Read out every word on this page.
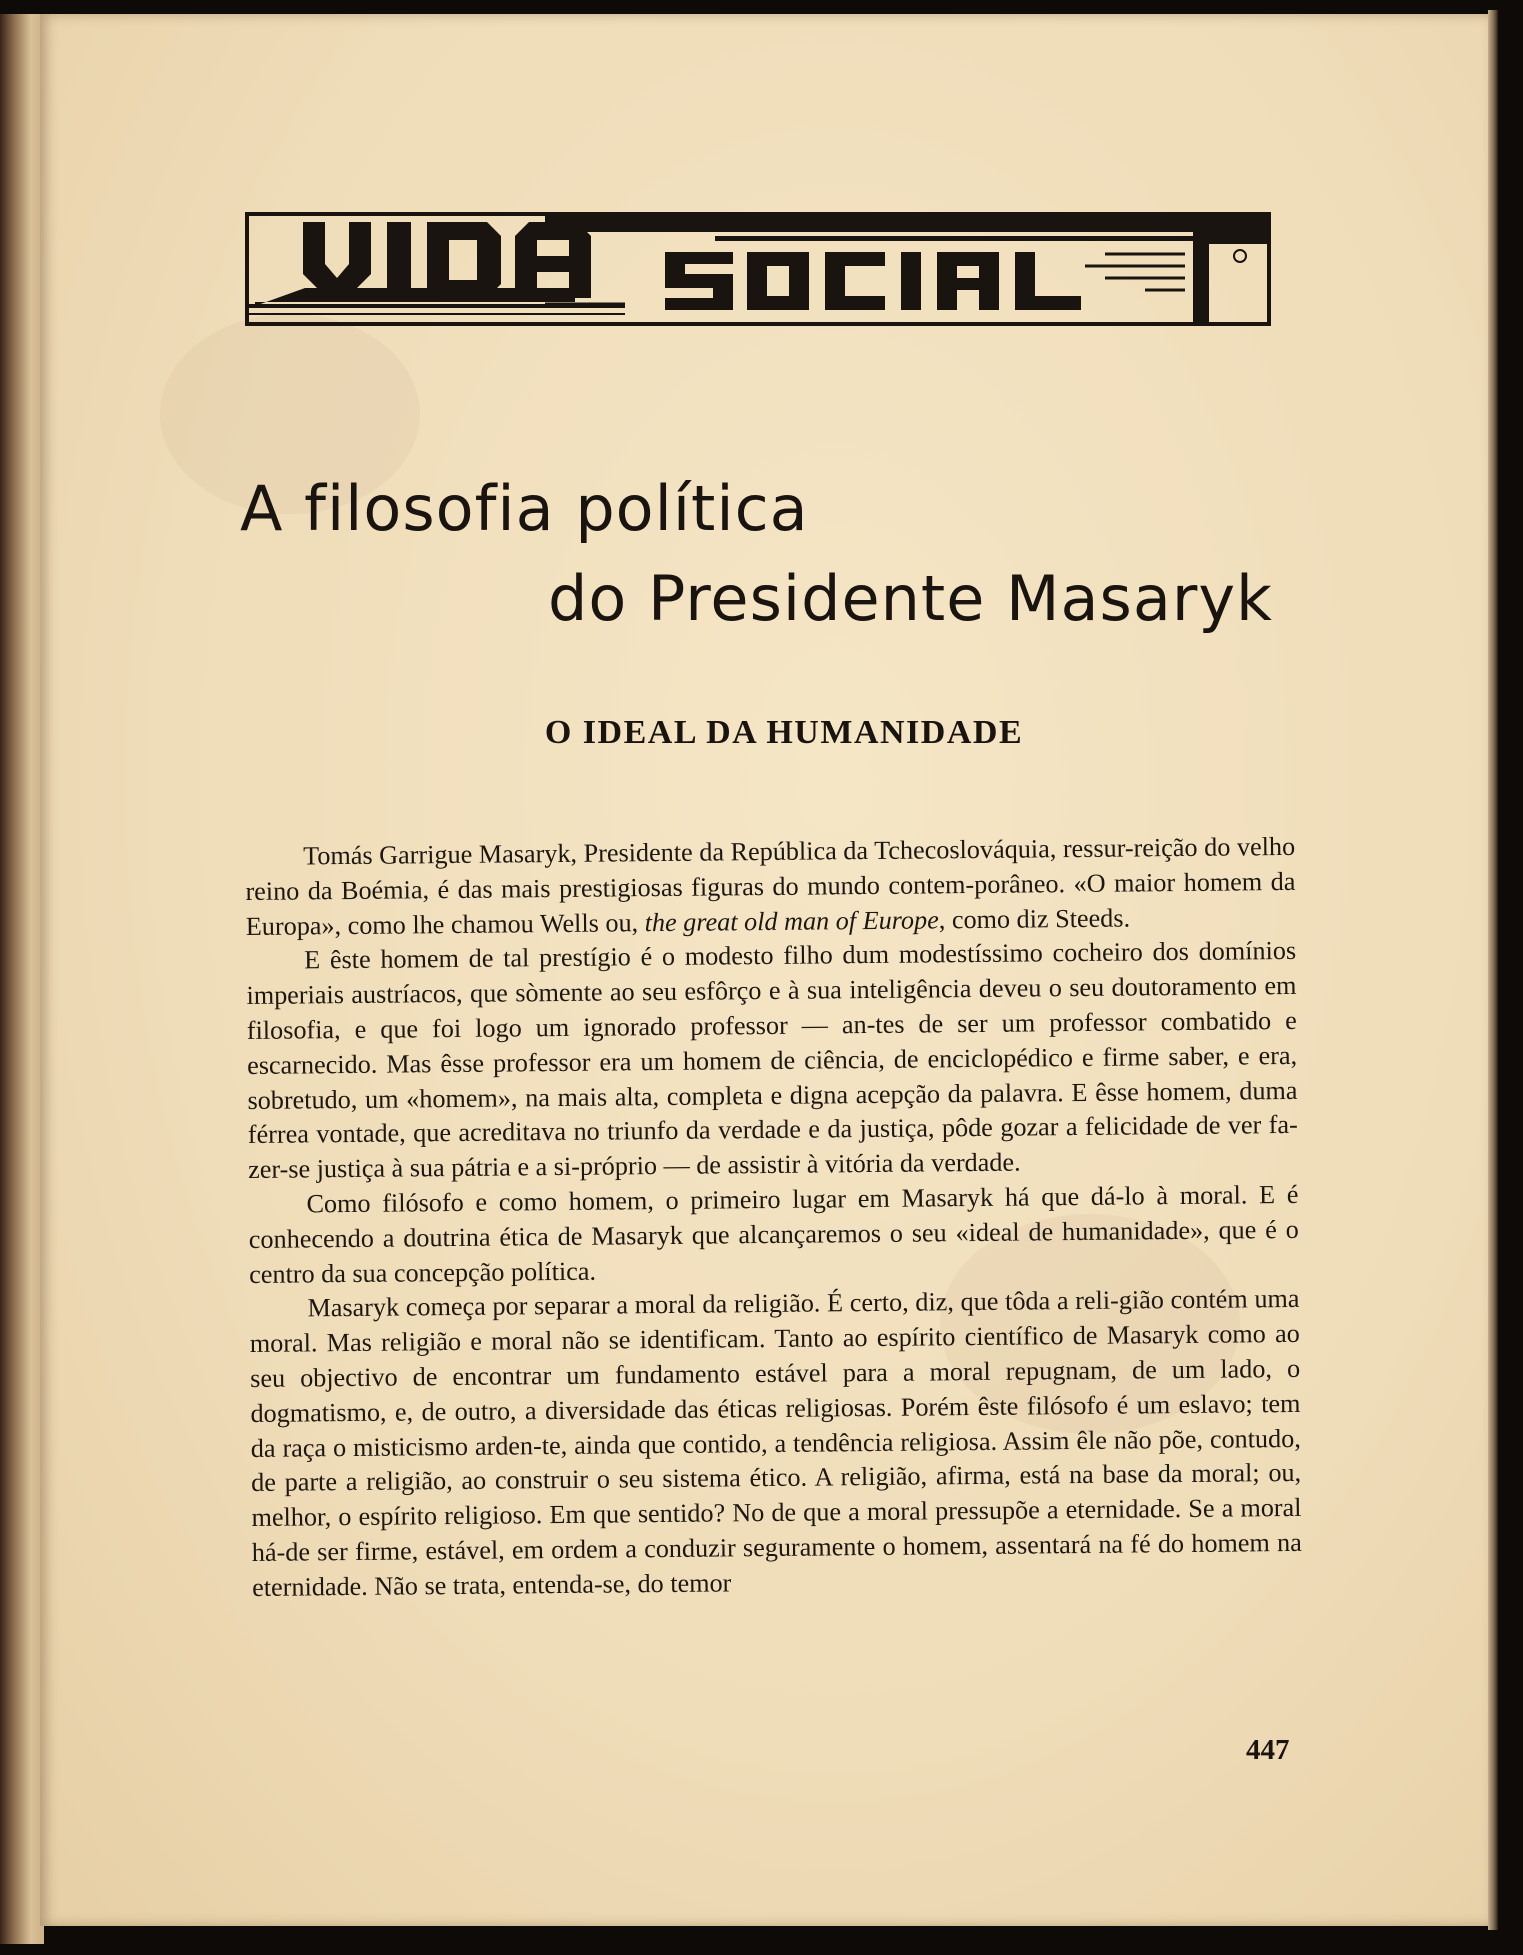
A filosofia política
do Presidente Masaryk
O IDEAL DA HUMANIDADE

Tomás Garrigue Masaryk, Presidente da República da Tchecoslováquia, ressur-reição do velho reino da Boémia, é das mais prestigiosas figuras do mundo contem-porâneo. «O maior homem da Europa», como lhe chamou Wells ou, the great old man of Europe, como diz Steeds.

E êste homem de tal prestígio é o modesto filho dum modestíssimo cocheiro dos domínios imperiais austríacos, que sòmente ao seu esfôrço e à sua inteligência deveu o seu doutoramento em filosofia, e que foi logo um ignorado professor — an-tes de ser um professor combatido e escarnecido. Mas êsse professor era um homem de ciência, de enciclopédico e firme saber, e era, sobretudo, um «homem», na mais alta, completa e digna acepção da palavra. E êsse homem, duma férrea vontade, que acreditava no triunfo da verdade e da justiça, pôde gozar a felicidade de ver fa-zer-se justiça à sua pátria e a si-próprio — de assistir à vitória da verdade.

Como filósofo e como homem, o primeiro lugar em Masaryk há que dá-lo à moral. E é conhecendo a doutrina ética de Masaryk que alcançaremos o seu «ideal de humanidade», que é o centro da sua concepção política.

Masaryk começa por separar a moral da religião. É certo, diz, que tôda a reli-gião contém uma moral. Mas religião e moral não se identificam. Tanto ao espírito científico de Masaryk como ao seu objectivo de encontrar um fundamento estável para a moral repugnam, de um lado, o dogmatismo, e, de outro, a diversidade das éticas religiosas. Porém êste filósofo é um eslavo; tem da raça o misticismo arden-te, ainda que contido, a tendência religiosa. Assim êle não põe, contudo, de parte a religião, ao construir o seu sistema ético. A religião, afirma, está na base da moral; ou, melhor, o espírito religioso. Em que sentido? No de que a moral pressupõe a eternidade. Se a moral há-de ser firme, estável, em ordem a conduzir seguramente o homem, assentará na fé do homem na eternidade. Não se trata, entenda-se, do temor

447
